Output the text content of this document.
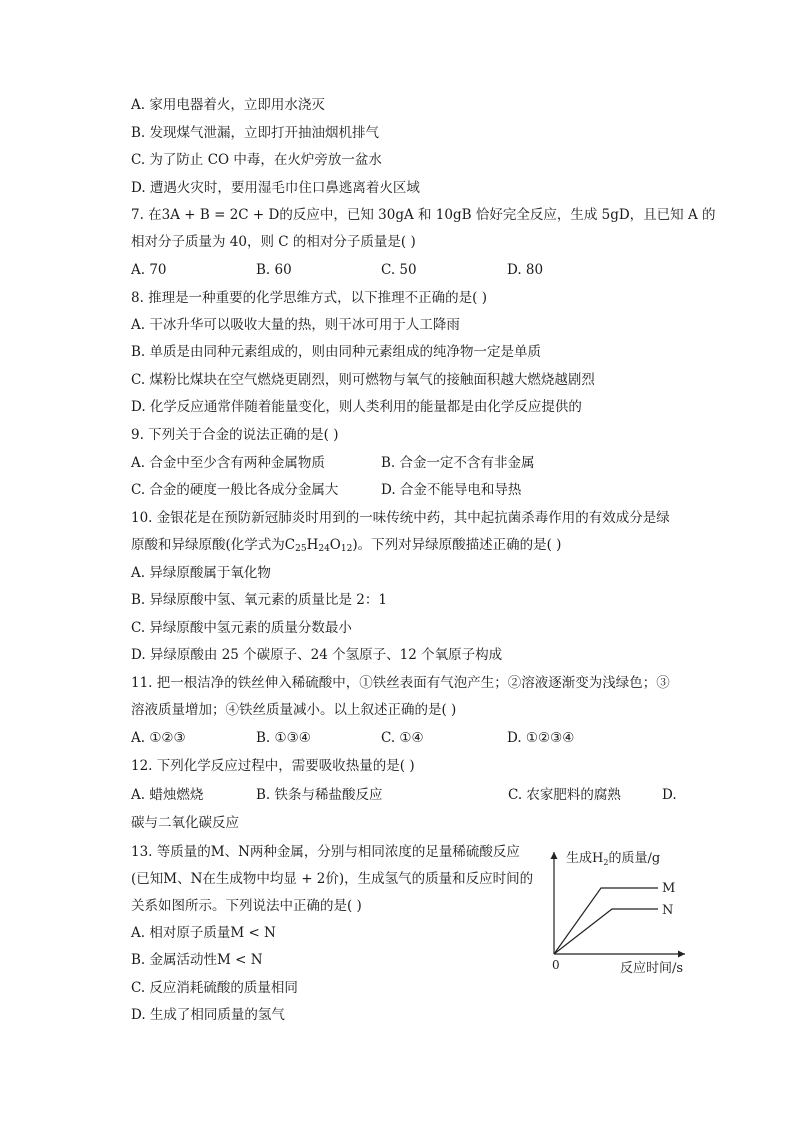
A. 家用电器着火，立即用水浇灭
B. 发现煤气泄漏，立即打开抽油烟机排气
C. 为了防止 CO 中毒，在火炉旁放一盆水
D. 遭遇火灾时，要用湿毛巾住口鼻逃离着火区域
7. 在3A + B = 2C + D的反应中，已知 30gA 和 10gB 恰好完全反应，生成 5gD，且已知 A 的
相对分子质量为 40，则 C 的相对分子质量是( )
A. 70	B. 60	C. 50	D. 80
8. 推理是一种重要的化学思维方式，以下推理不正确的是( )
A. 干冰升华可以吸收大量的热，则干冰可用于人工降雨
B. 单质是由同种元素组成的，则由同种元素组成的纯净物一定是单质
C. 煤粉比煤块在空气燃烧更剧烈，则可燃物与氧气的接触面积越大燃烧越剧烈
D. 化学反应通常伴随着能量变化，则人类利用的能量都是由化学反应提供的
9. 下列关于合金的说法正确的是( )
A. 合金中至少含有两种金属物质	B. 合金一定不含有非金属
C. 合金的硬度一般比各成分金属大	D. 合金不能导电和导热
10. 金银花是在预防新冠肺炎时用到的一味传统中药，其中起抗菌杀毒作用的有效成分是绿
原酸和异绿原酸(化学式为$C_{25}H_{24}O_{12}$)。下列对异绿原酸描述正确的是( )
A. 异绿原酸属于氧化物
B. 异绿原酸中氢、氧元素的质量比是 2：1
C. 异绿原酸中氢元素的质量分数最小
D. 异绿原酸由 25 个碳原子、24 个氢原子、12 个氧原子构成
11. 把一根洁净的铁丝伸入稀硫酸中，①铁丝表面有气泡产生；②溶液逐渐变为浅绿色；③
溶液质量增加；④铁丝质量减小。以上叙述正确的是( )
A. ①②③	B. ①③④	C. ①④	D. ①②③④
12. 下列化学反应过程中，需要吸收热量的是( )
A. 蜡烛燃烧	B. 铁条与稀盐酸反应	C. 农家肥料的腐熟	D.
碳与二氧化碳反应
13. 等质量的M、N两种金属，分别与相同浓度的足量稀硫酸反应
(已知M、N在生成物中均显 + 2价)，生成氢气的质量和反应时间的
关系如图所示。下列说法中正确的是( )
A. 相对原子质量M < N
B. 金属活动性M < N
C. 反应消耗硫酸的质量相同
D. 生成了相同质量的氢气
生成$H_2$的质量/g
M
N
0	反应时间/s
